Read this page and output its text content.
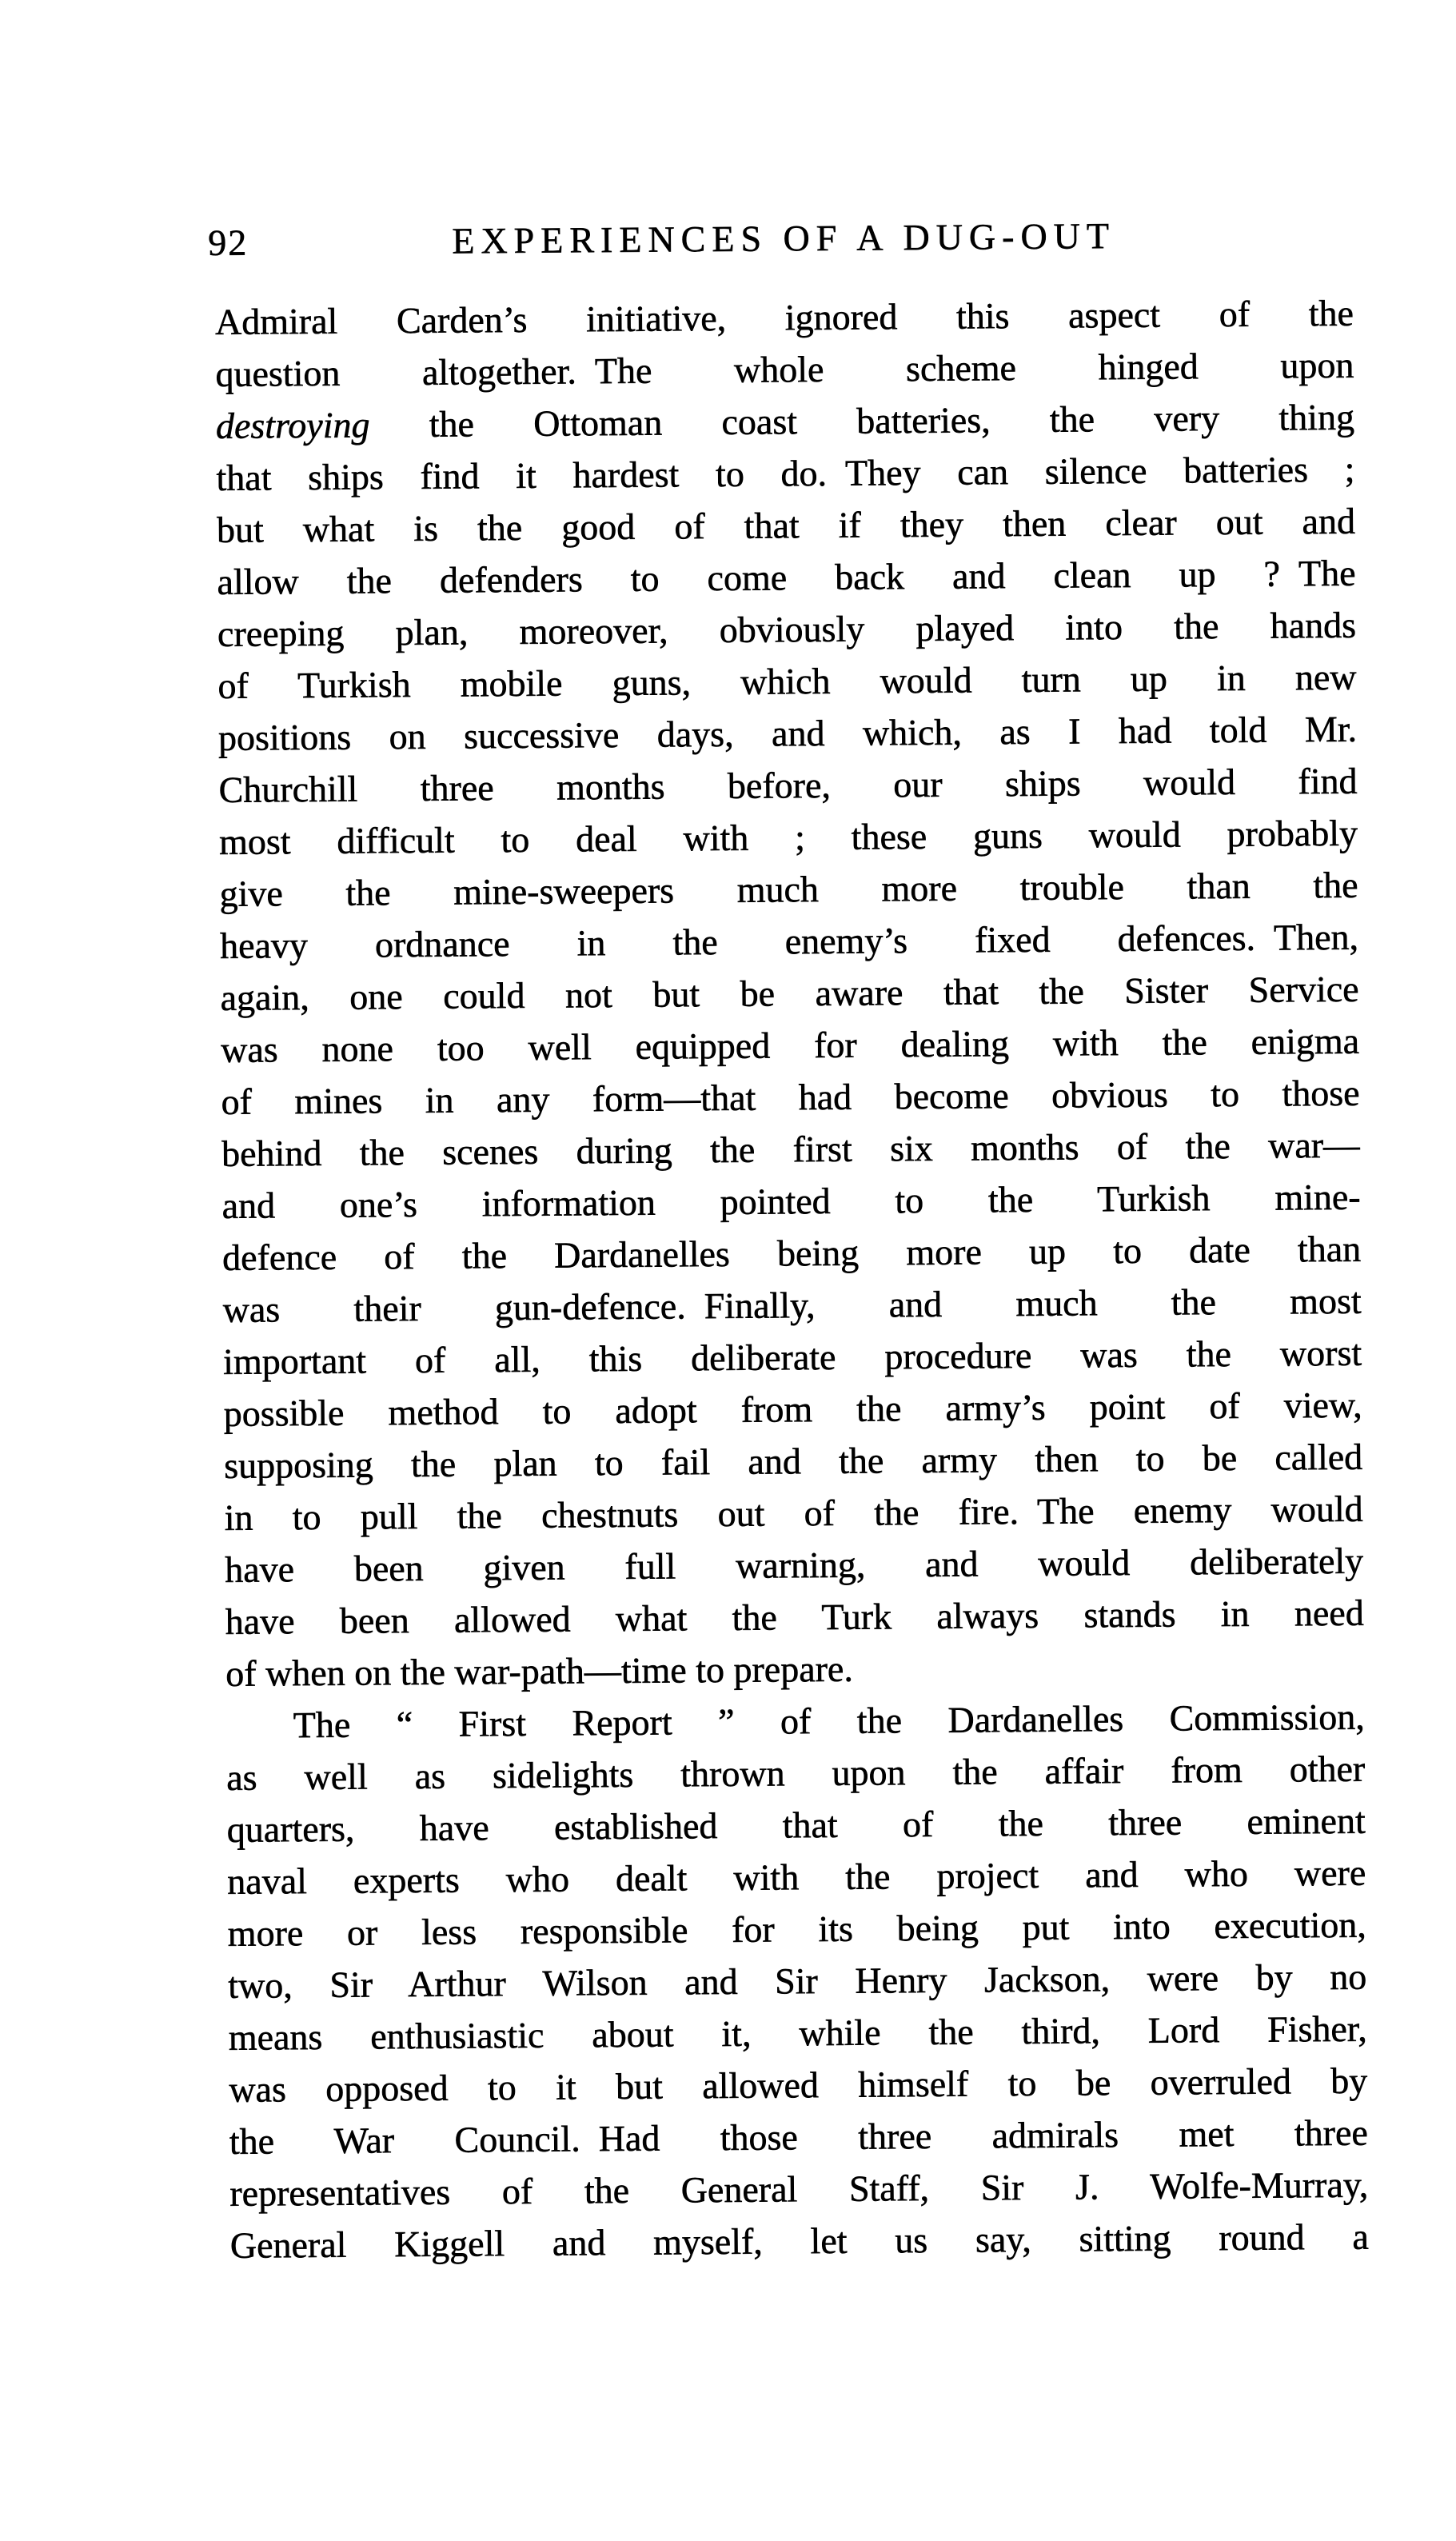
92	EXPERIENCES OF A DUG-OUT
Admiral Carden’s initiative, ignored this aspect of the
question altogether. The whole scheme hinged upon
destroying the Ottoman coast batteries, the very thing
that ships find it hardest to do. They can silence batteries ;
but what is the good of that if they then clear out and
allow the defenders to come back and clean up ? The
creeping plan, moreover, obviously played into the hands
of Turkish mobile guns, which would turn up in new
positions on successive days, and which, as I had told Mr.
Churchill three months before, our ships would find
most difficult to deal with ; these guns would probably
give the mine-sweepers much more trouble than the
heavy ordnance in the enemy’s fixed defences. Then,
again, one could not but be aware that the Sister Service
was none too well equipped for dealing with the enigma
of mines in any form—that had become obvious to those
behind the scenes during the first six months of the war—
and one’s information pointed to the Turkish mine-
defence of the Dardanelles being more up to date than
was their gun-defence. Finally, and much the most
important of all, this deliberate procedure was the worst
possible method to adopt from the army’s point of view,
supposing the plan to fail and the army then to be called
in to pull the chestnuts out of the fire. The enemy would
have been given full warning, and would deliberately
have been allowed what the Turk always stands in need
of when on the war-path—time to prepare.
The “ First Report ” of the Dardanelles Commission,
as well as sidelights thrown upon the affair from other
quarters, have established that of the three eminent
naval experts who dealt with the project and who were
more or less responsible for its being put into execution,
two, Sir Arthur Wilson and Sir Henry Jackson, were by no
means enthusiastic about it, while the third, Lord Fisher,
was opposed to it but allowed himself to be overruled by
the War Council. Had those three admirals met three
representatives of the General Staff, Sir J. Wolfe-Murray,
General Kiggell and myself, let us say, sitting round a
